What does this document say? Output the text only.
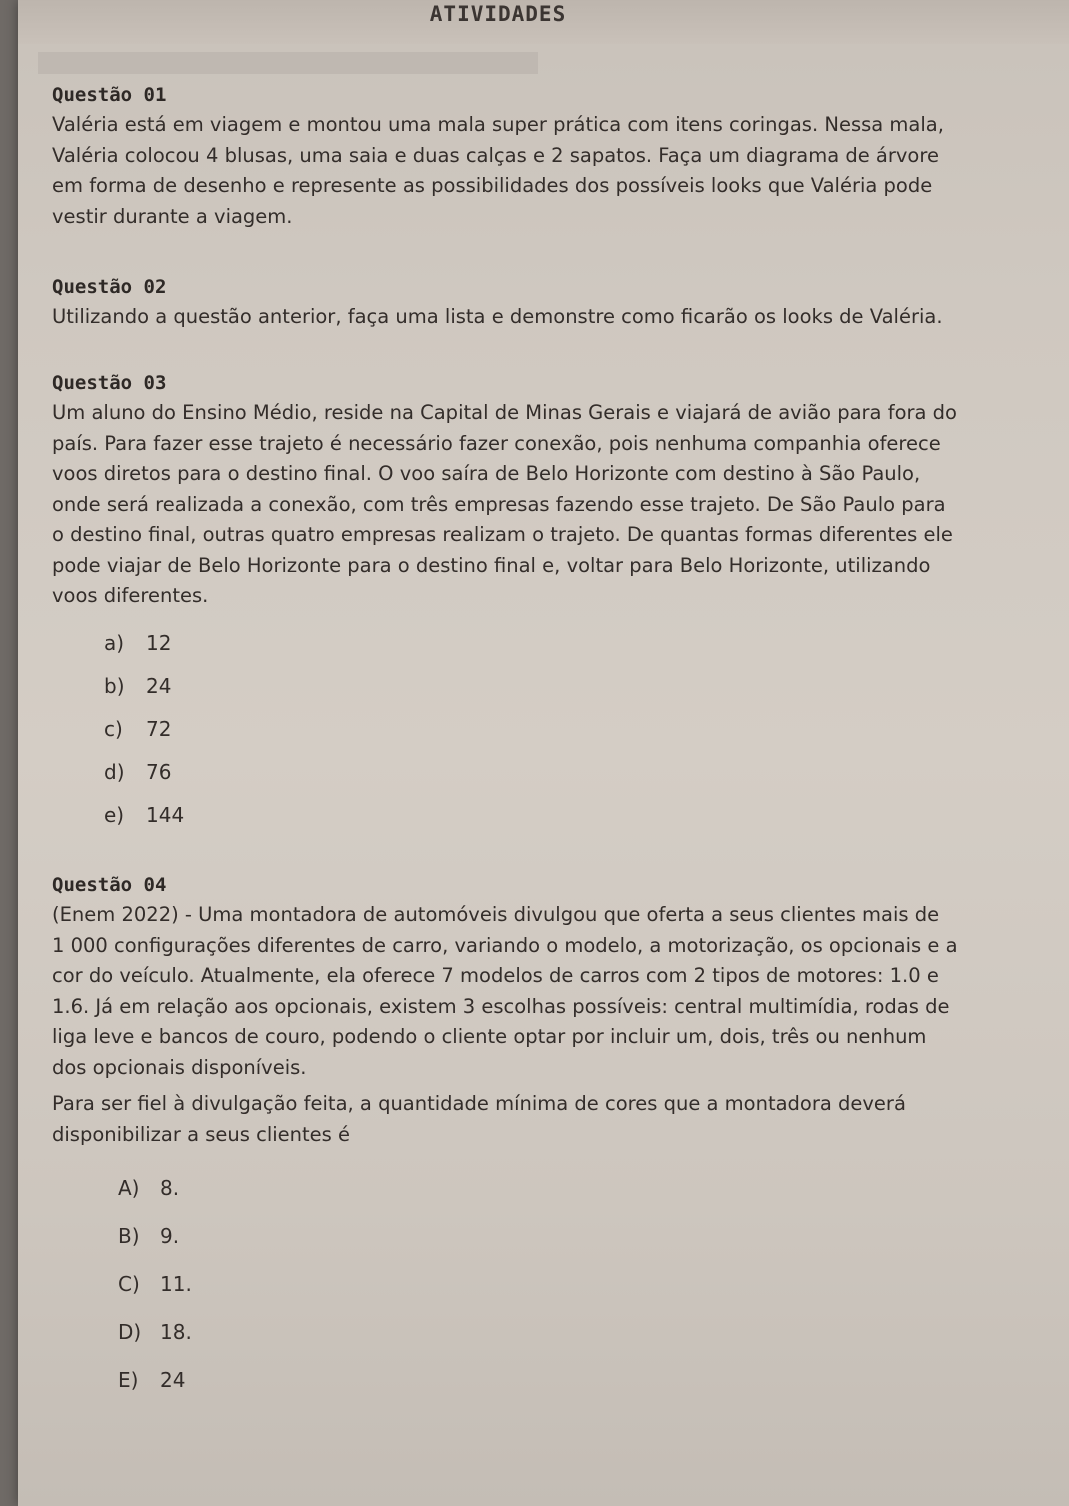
ATIVIDADES
Questão 01
Valéria está em viagem e montou uma mala super prática com itens coringas. Nessa mala,
Valéria colocou 4 blusas, uma saia e duas calças e 2 sapatos. Faça um diagrama de árvore
em forma de desenho e represente as possibilidades dos possíveis looks que Valéria pode
vestir durante a viagem.
Questão 02
Utilizando a questão anterior, faça uma lista e demonstre como ficarão os looks de Valéria.
Questão 03
Um aluno do Ensino Médio, reside na Capital de Minas Gerais e viajará de avião para fora do
país. Para fazer esse trajeto é necessário fazer conexão, pois nenhuma companhia oferece
voos diretos para o destino final. O voo saíra de Belo Horizonte com destino à São Paulo,
onde será realizada a conexão, com três empresas fazendo esse trajeto. De São Paulo para
o destino final, outras quatro empresas realizam o trajeto. De quantas formas diferentes ele
pode viajar de Belo Horizonte para o destino final e, voltar para Belo Horizonte, utilizando
voos diferentes.
a) 12
b) 24
c) 72
d) 76
e) 144
Questão 04
(Enem 2022) - Uma montadora de automóveis divulgou que oferta a seus clientes mais de
1 000 configurações diferentes de carro, variando o modelo, a motorização, os opcionais e a
cor do veículo. Atualmente, ela oferece 7 modelos de carros com 2 tipos de motores: 1.0 e
1.6. Já em relação aos opcionais, existem 3 escolhas possíveis: central multimídia, rodas de
liga leve e bancos de couro, podendo o cliente optar por incluir um, dois, três ou nenhum
dos opcionais disponíveis.
Para ser fiel à divulgação feita, a quantidade mínima de cores que a montadora deverá
disponibilizar a seus clientes é
A) 8.
B) 9.
C) 11.
D) 18.
E) 24
